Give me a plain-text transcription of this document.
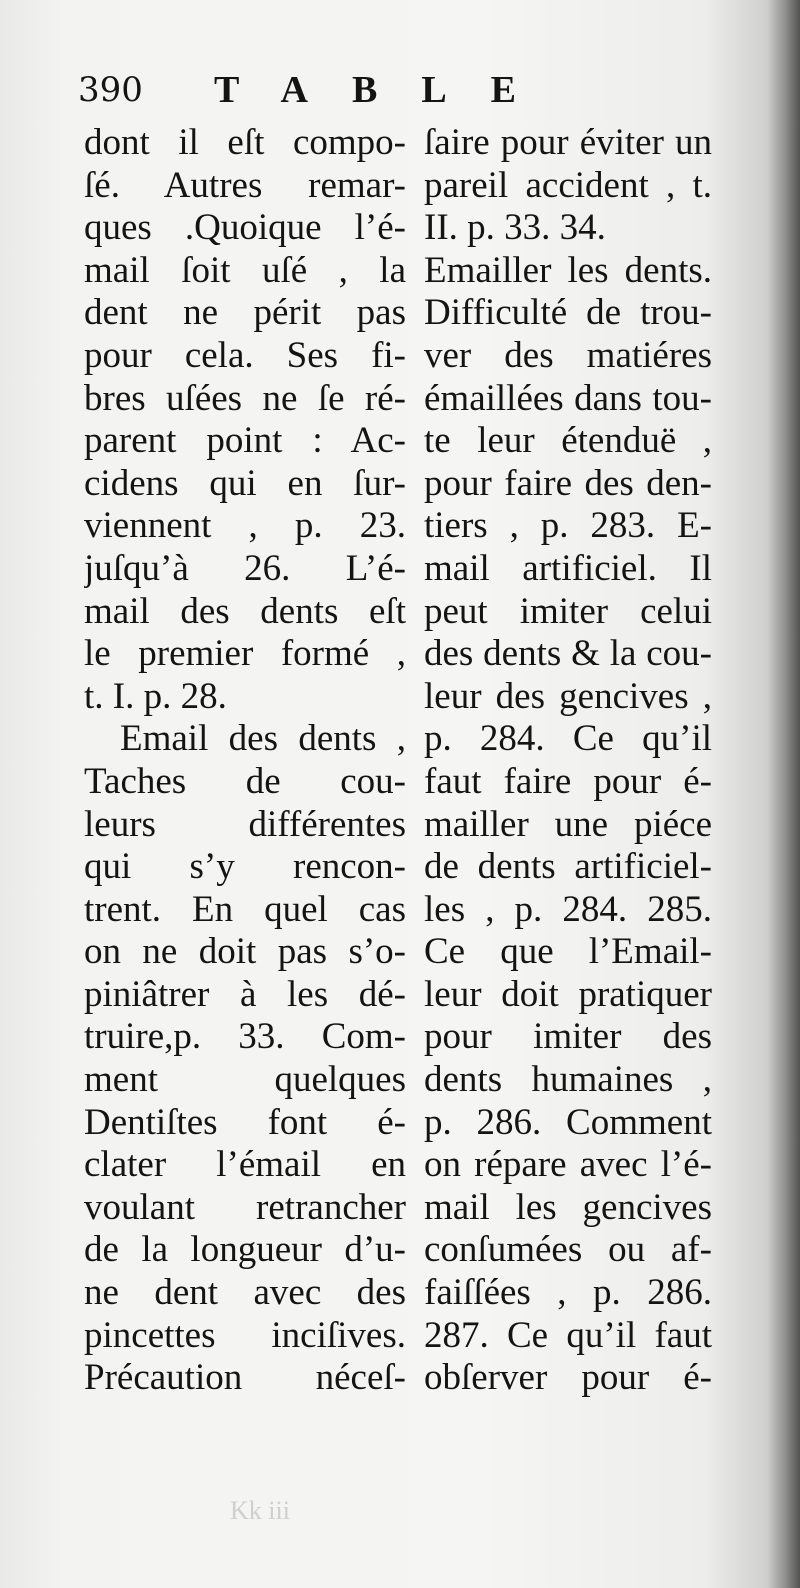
390 TABLE
dont il eſt compo-
ſé. Autres remar-
ques .Quoique l’é-
mail ſoit uſé , la
dent ne périt pas
pour cela. Ses fi-
bres uſées ne ſe ré-
parent point : Ac-
cidens qui en ſur-
viennent , p. 23.
juſqu’à 26. L’é-
mail des dents eſt
le premier formé ,
t. I. p. 28.
Email des dents ,
Taches de cou-
leurs différentes
qui s’y rencon-
trent. En quel cas
on ne doit pas s’o-
piniâtrer à les dé-
truire,p. 33. Com-
ment quelques
Dentiſtes font é-
clater l’émail en
voulant retrancher
de la longueur d’u-
ne dent avec des
pincettes inciſives.
Précaution néceſ-
ſaire pour éviter un
pareil accident , t.
II. p. 33. 34.
Emailler les dents.
Difficulté de trou-
ver des matiéres
émaillées dans tou-
te leur étenduë ,
pour faire des den-
tiers , p. 283. E-
mail artificiel. Il
peut imiter celui
des dents & la cou-
leur des gencives ,
p. 284. Ce qu’il
faut faire pour é-
mailler une piéce
de dents artificiel-
les , p. 284. 285.
Ce que l’Email-
leur doit pratiquer
pour imiter des
dents humaines ,
p. 286. Comment
on répare avec l’é-
mail les gencives
conſumées ou af-
faiſſées , p. 286.
287. Ce qu’il faut
obſerver pour é-
Kk iii
